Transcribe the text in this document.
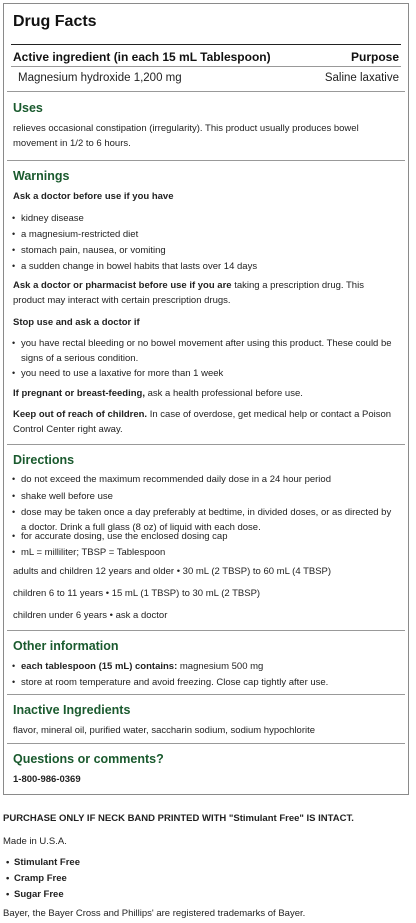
Drug Facts
Active ingredient (in each 15 mL Tablespoon)	Purpose
Magnesium hydroxide 1,200 mg	Saline laxative
Uses
relieves occasional constipation (irregularity). This product usually produces bowel movement in 1/2 to 6 hours.
Warnings
Ask a doctor before use if you have
• kidney disease
• a magnesium-restricted diet
• stomach pain, nausea, or vomiting
• a sudden change in bowel habits that lasts over 14 days
Ask a doctor or pharmacist before use if you are taking a prescription drug. This product may interact with certain prescription drugs.
Stop use and ask a doctor if
• you have rectal bleeding or no bowel movement after using this product. These could be signs of a serious condition.
• you need to use a laxative for more than 1 week
If pregnant or breast-feeding, ask a health professional before use.
Keep out of reach of children. In case of overdose, get medical help or contact a Poison Control Center right away.
Directions
• do not exceed the maximum recommended daily dose in a 24 hour period
• shake well before use
• dose may be taken once a day preferably at bedtime, in divided doses, or as directed by a doctor. Drink a full glass (8 oz) of liquid with each dose.
• for accurate dosing, use the enclosed dosing cap
• mL = milliliter; TBSP = Tablespoon
adults and children 12 years and older • 30 mL (2 TBSP) to 60 mL (4 TBSP)
children 6 to 11 years • 15 mL (1 TBSP) to 30 mL (2 TBSP)
children under 6 years • ask a doctor
Other information
• each tablespoon (15 mL) contains: magnesium 500 mg
• store at room temperature and avoid freezing. Close cap tightly after use.
Inactive Ingredients
flavor, mineral oil, purified water, saccharin sodium, sodium hypochlorite
Questions or comments?
1-800-986-0369
PURCHASE ONLY IF NECK BAND PRINTED WITH "Stimulant Free" IS INTACT.
Made in U.S.A.
• Stimulant Free
• Cramp Free
• Sugar Free
Bayer, the Bayer Cross and Phillips' are registered trademarks of Bayer.
